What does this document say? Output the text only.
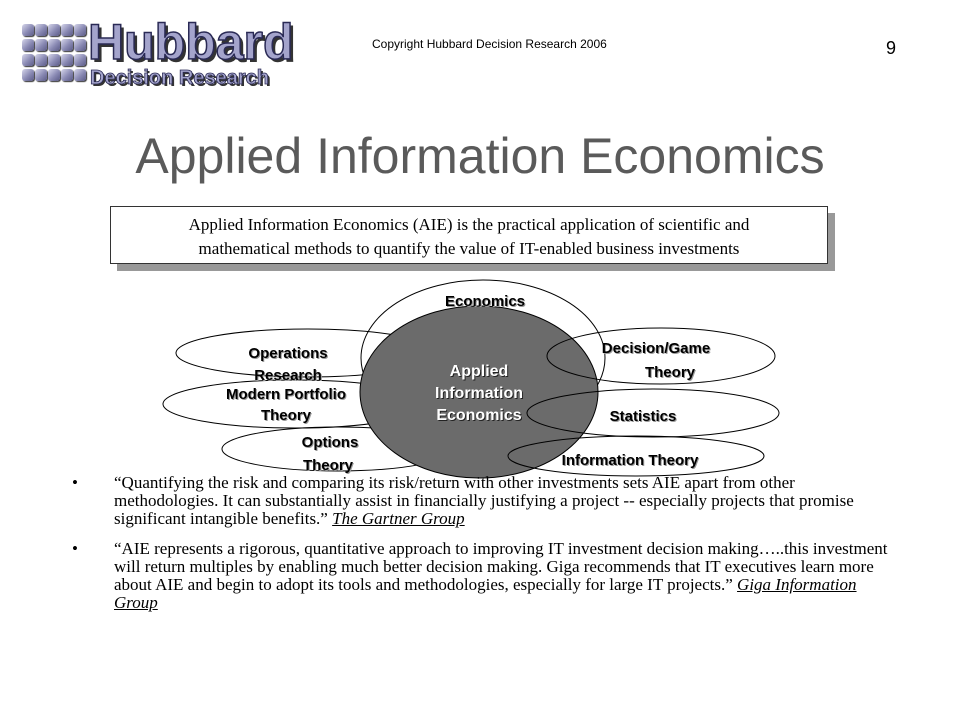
Hubbard
Decision Research
Copyright Hubbard Decision Research 2006	9
Applied Information Economics
Applied Information Economics (AIE) is the practical application of scientific and
mathematical methods to quantify the value of IT-enabled business investments
Economics
Operations
Research
Modern Portfolio
Theory
Options
Theory
Applied
Information
Economics
Decision/Game
Theory
Statistics
Information Theory
• “Quantifying the risk and comparing its risk/return with other investments sets AIE apart from other methodologies. It can substantially assist in financially justifying a project -- especially projects that promise significant intangible benefits.” The Gartner Group
• “AIE represents a rigorous, quantitative approach to improving IT investment decision making…..this investment will return multiples by enabling much better decision making. Giga recommends that IT executives learn more about AIE and begin to adopt its tools and methodologies, especially for large IT projects.” Giga Information Group
